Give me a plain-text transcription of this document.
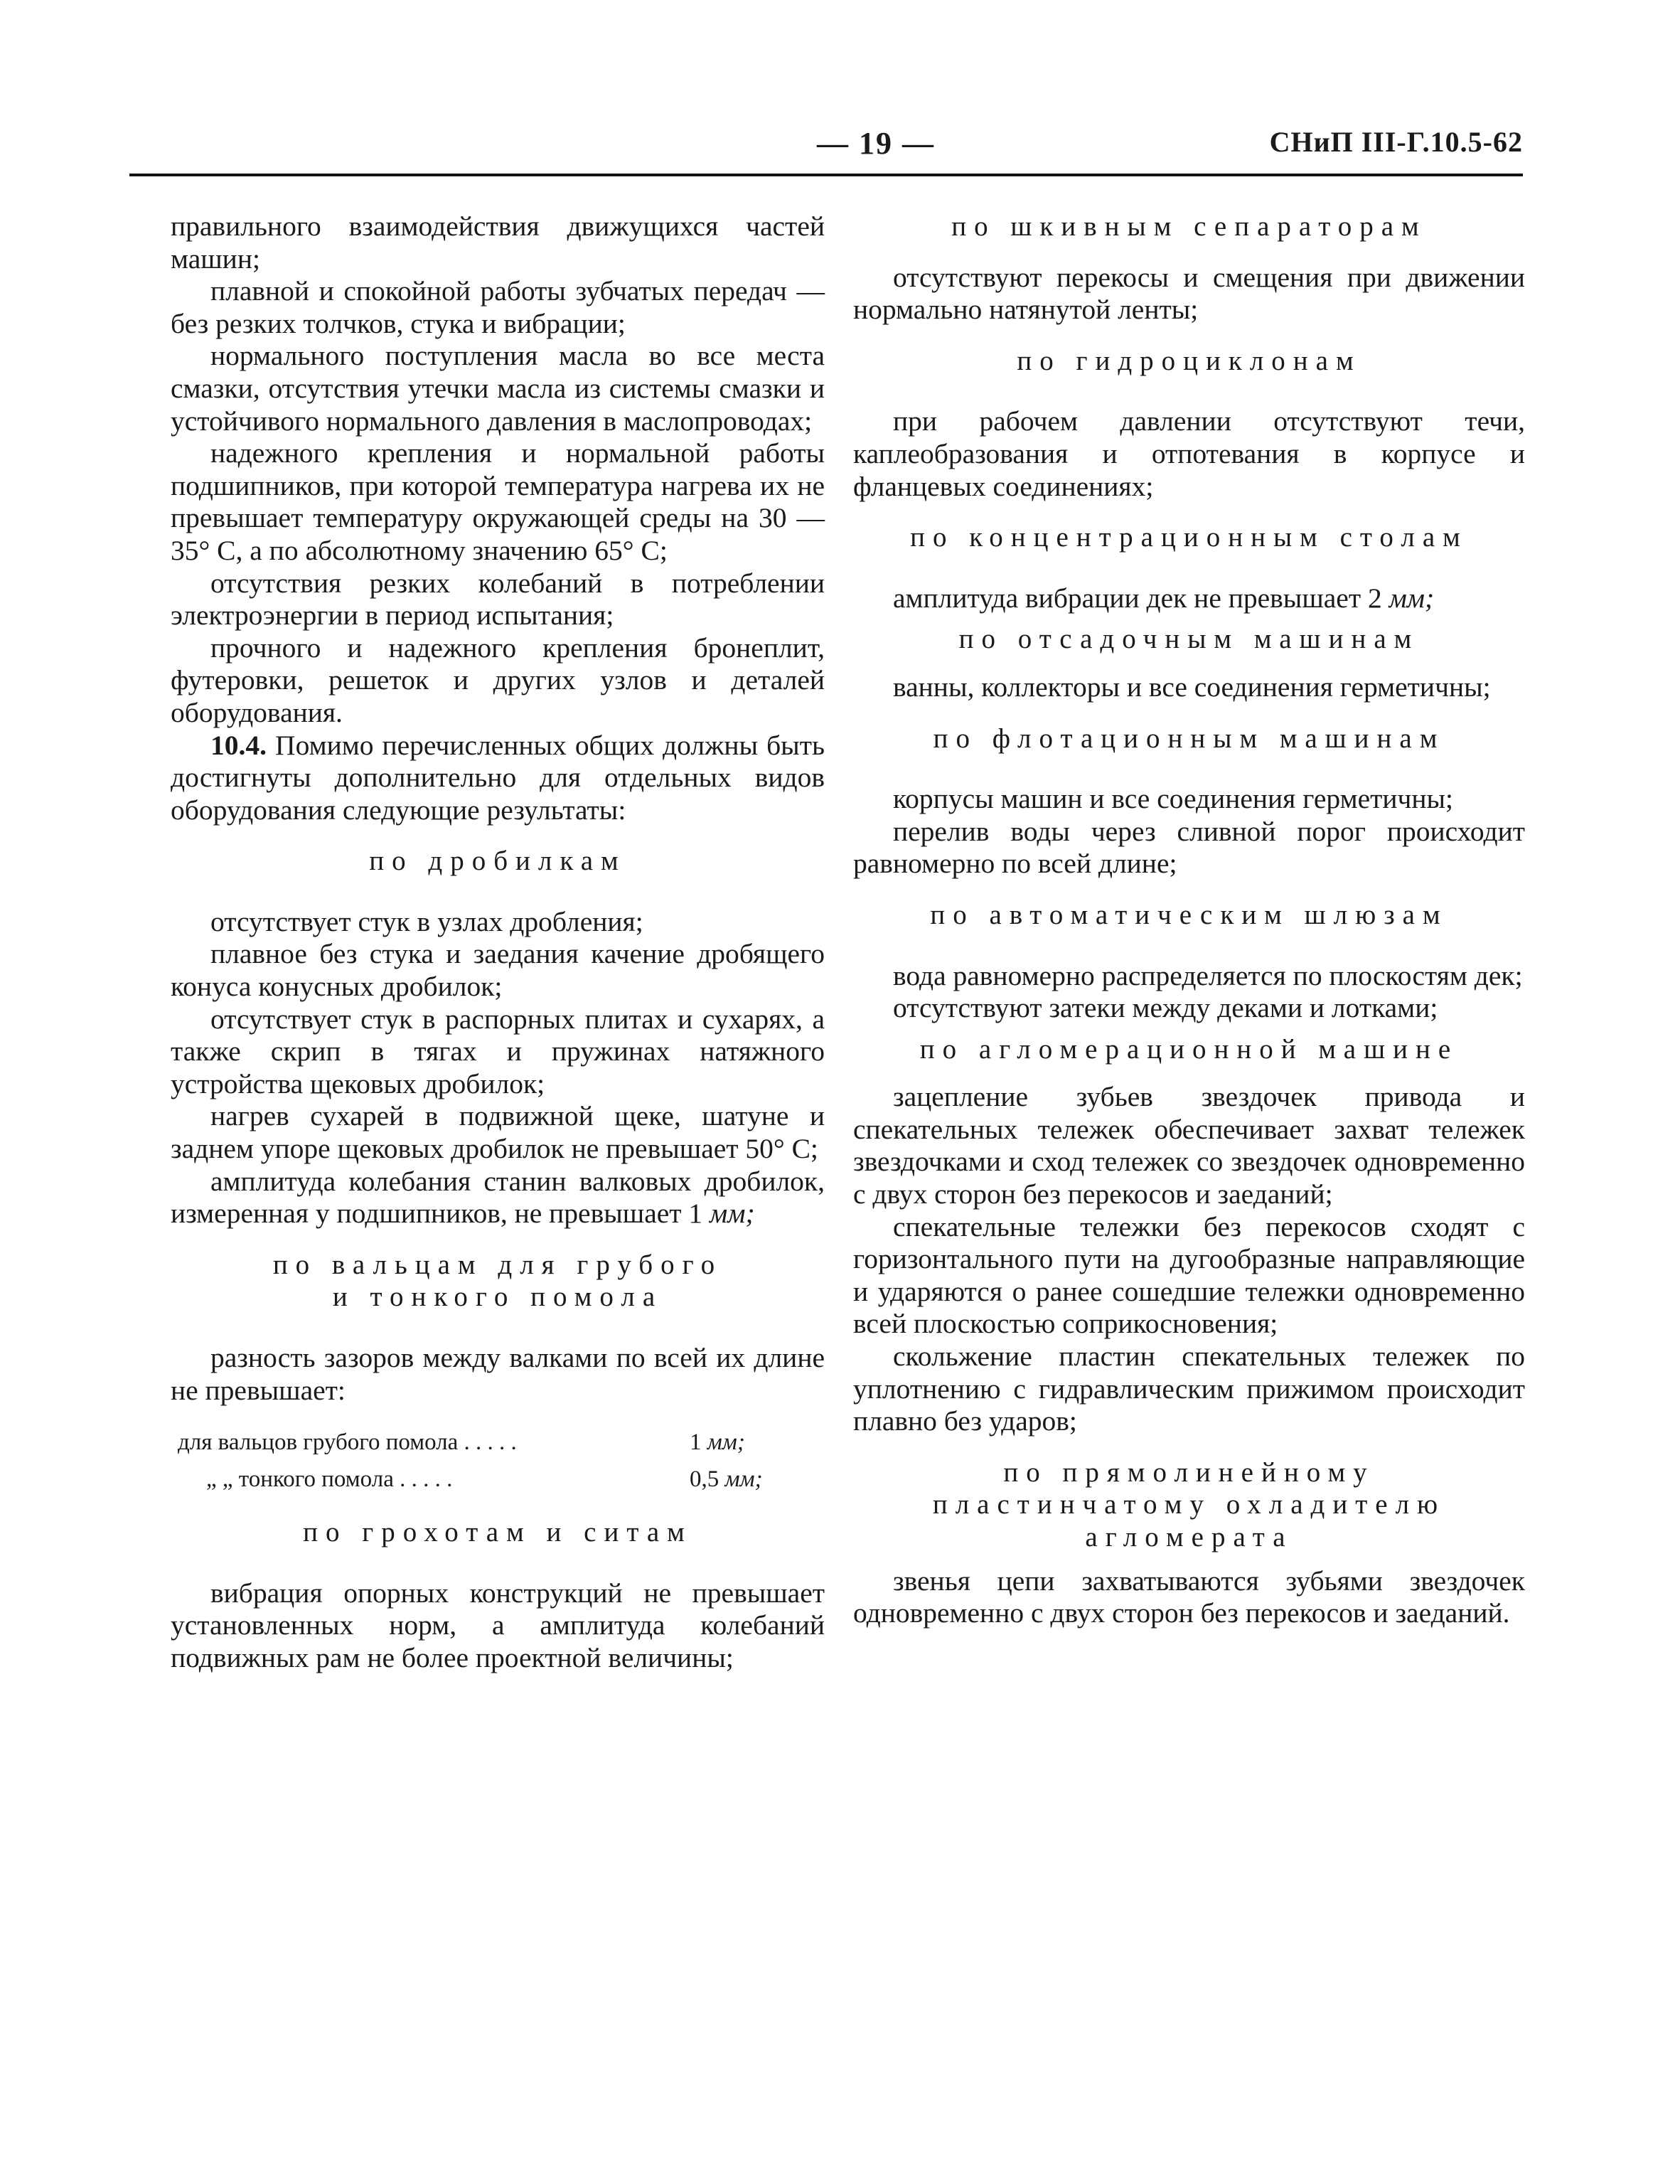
— 19 —	СНиП III-Г.10.5-62

правильного взаимодействия движущихся частей машин;

плавной и спокойной работы зубчатых передач — без резких толчков, стука и вибрации;

нормального поступления масла во все места смазки, отсутствия утечки масла из системы смазки и устойчивого нормального давления в маслопроводах;

надежного крепления и нормальной работы подшипников, при которой температура нагрева их не превышает температуру окружающей среды на 30 — 35° С, а по абсолютному значению 65° С;

отсутствия резких колебаний в потреблении электроэнергии в период испытания;

прочного и надежного крепления бронеплит, футеровки, решеток и других узлов и деталей оборудования.

10.4. Помимо перечисленных общих должны быть достигнуты дополнительно для отдельных видов оборудования следующие результаты:

по дробилкам

отсутствует стук в узлах дробления;

плавное без стука и заедания качение дробящего конуса конусных дробилок;

отсутствует стук в распорных плитах и сухарях, а также скрип в тягах и пружинах натяжного устройства щековых дробилок;

нагрев сухарей в подвижной щеке, шатуне и заднем упоре щековых дробилок не превышает 50° С;

амплитуда колебания станин валковых дробилок, измеренная у подшипников, не превышает 1 мм;

по вальцам для грубого
и тонкого помола

разность зазоров между валками по всей их длине не превышает:

для вальцов грубого помола . . . . .	1 мм;
„ „ тонкого помола . . . . .	0,5 мм;
по грохотам и ситам

вибрация опорных конструкций не превышает установленных норм, а амплитуда колебаний подвижных рам не более проектной величины;

по шкивным сепараторам

отсутствуют перекосы и смещения при движении нормально натянутой ленты;

по гидроциклонам

при рабочем давлении отсутствуют течи, каплеобразования и отпотевания в корпусе и фланцевых соединениях;

по концентрационным столам

амплитуда вибрации дек не превышает 2 мм;

по отсадочным машинам

ванны, коллекторы и все соединения герметичны;

по флотационным машинам

корпусы машин и все соединения герметичны;

перелив воды через сливной порог происходит равномерно по всей длине;

по автоматическим шлюзам

вода равномерно распределяется по плоскостям дек;

отсутствуют затеки между деками и лотками;

по агломерационной машине

зацепление зубьев звездочек привода и спекательных тележек обеспечивает захват тележек звездочками и сход тележек со звездочек одновременно с двух сторон без перекосов и заеданий;

спекательные тележки без перекосов сходят с горизонтального пути на дугообразные направляющие и ударяются о ранее сошедшие тележки одновременно всей плоскостью соприкосновения;

скольжение пластин спекательных тележек по уплотнению с гидравлическим прижимом происходит плавно без ударов;

по прямолинейному
пластинчатому охладителю
агломерата

звенья цепи захватываются зубьями звездочек одновременно с двух сторон без перекосов и заеданий.
